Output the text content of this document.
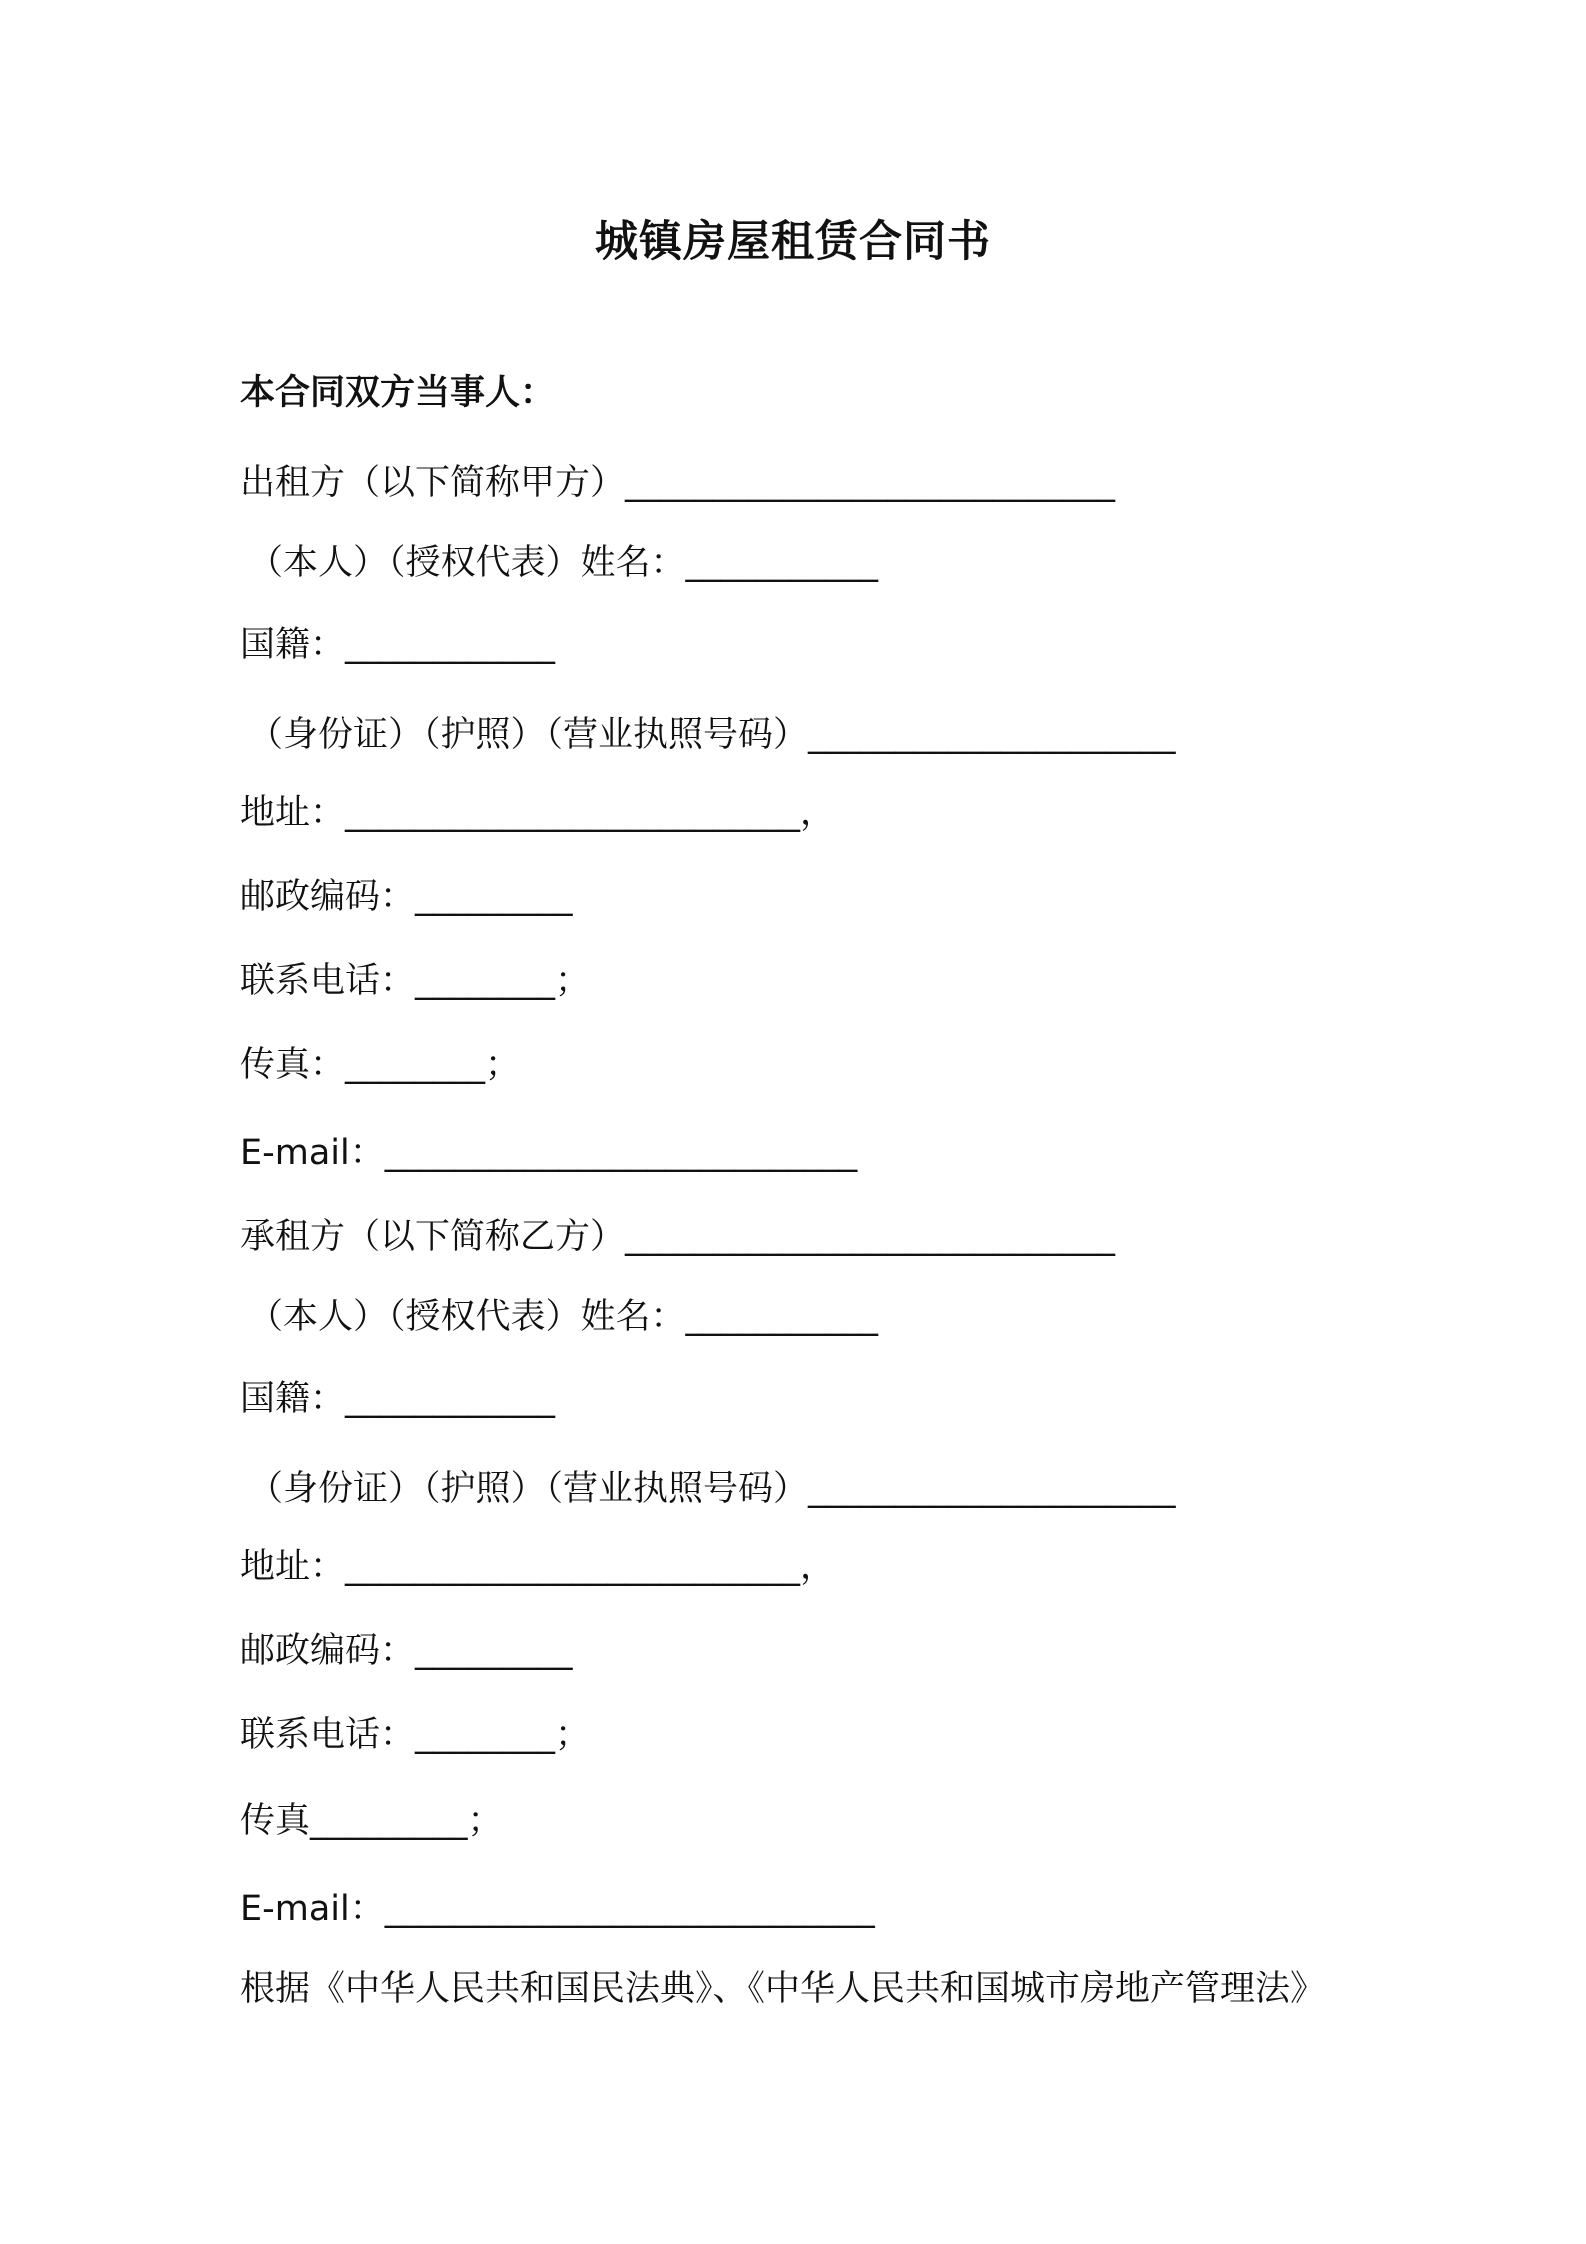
城镇房屋租赁合同书
本合同双方当事人：
出租方（以下简称甲方）____________________________
（本人）（授权代表）姓名：___________
国籍：____________
（身份证）（护照）（营业执照号码）_____________________
地址：__________________________，
邮政编码：_________
联系电话：________；
传真：________；
E-mail：___________________________
承租方（以下简称乙方）____________________________
（本人）（授权代表）姓名：___________
国籍：____________
（身份证）（护照）（营业执照号码）_____________________
地址：__________________________，
邮政编码：_________
联系电话：________；
传真_________；
E-mail：____________________________
根据《中华人民共和国民法典》、《中华人民共和国城市房地产管理法》
